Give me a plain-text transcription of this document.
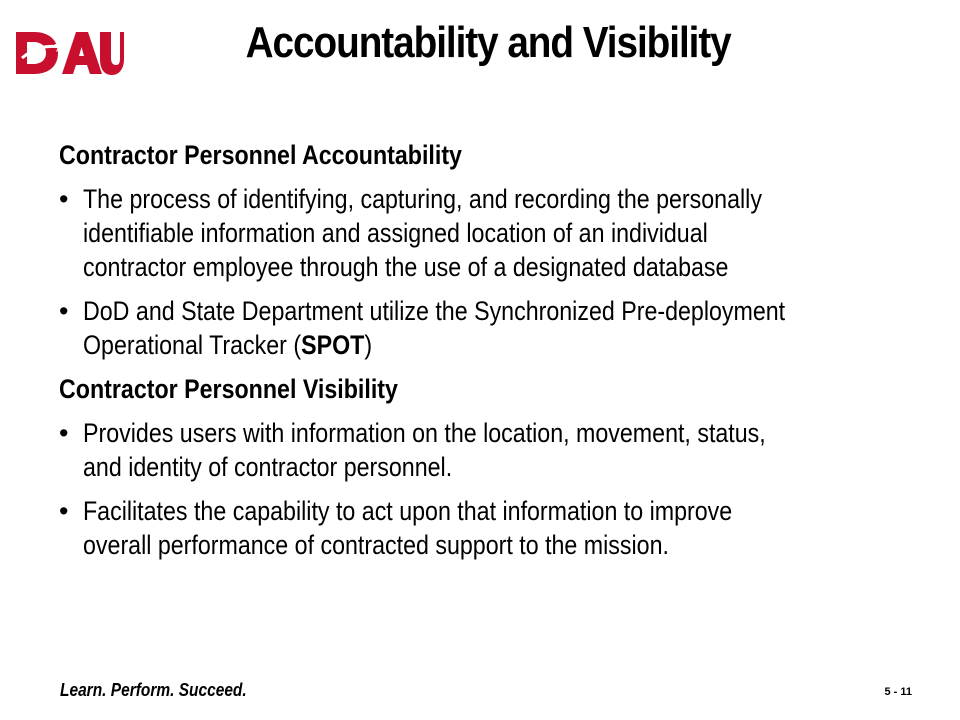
Accountability and Visibility
Contractor Personnel Accountability
• The process of identifying, capturing, and recording the personally
identifiable information and assigned location of an individual
contractor employee through the use of a designated database
• DoD and State Department utilize the Synchronized Pre-deployment
Operational Tracker (SPOT)
Contractor Personnel Visibility
• Provides users with information on the location, movement, status,
and identity of contractor personnel.
• Facilitates the capability to act upon that information to improve
overall performance of contracted support to the mission.
Learn. Perform. Succeed.	5 - 11
